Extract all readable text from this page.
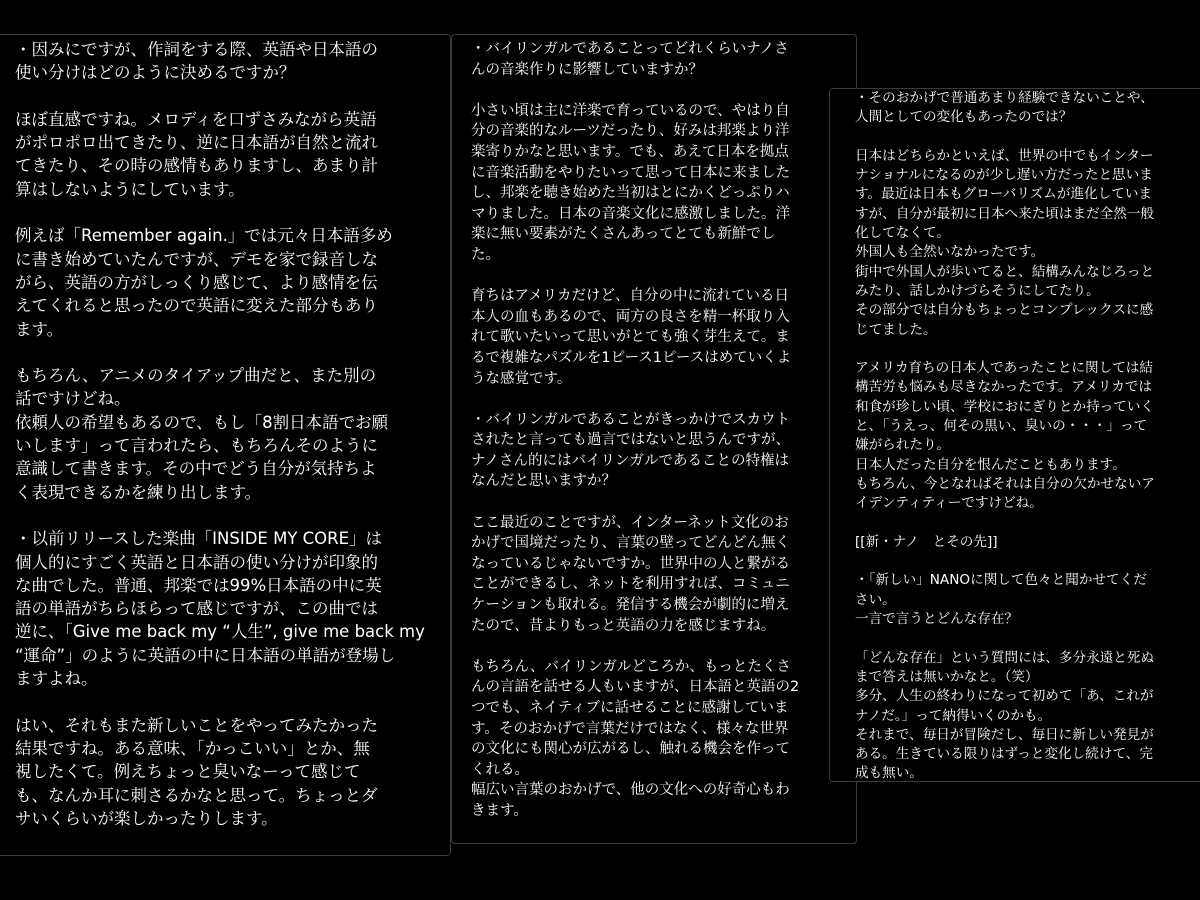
・因みにですが、作詞をする際、英語や日本語の
使い分けはどのように決めるですか？

ほぼ直感ですね。メロディを口ずさみながら英語
がポロポロ出てきたり、逆に日本語が自然と流れ
てきたり、その時の感情もありますし、あまり計
算はしないようにしています。

例えば「Remember again.」では元々日本語多め
に書き始めていたんですが、デモを家で録音しな
がら、英語の方がしっくり感じて、より感情を伝
えてくれると思ったので英語に変えた部分もあり
ます。

もちろん、アニメのタイアップ曲だと、また別の
話ですけどね。
依頼人の希望もあるので、もし「8割日本語でお願
いします」って言われたら、もちろんそのように
意識して書きます。その中でどう自分が気持ちよ
く表現できるかを練り出します。

・以前リリースした楽曲「INSIDE MY CORE」は
個人的にすごく英語と日本語の使い分けが印象的
な曲でした。普通、邦楽では99%日本語の中に英
語の単語がちらほらって感じですが、この曲では
逆に、「Give me back my “人生”, give me back my
“運命”」のように英語の中に日本語の単語が登場し
ますよね。

はい、それもまた新しいことをやってみたかった
結果ですね。ある意味、「かっこいい」とか、無
視したくて。例えちょっと臭いなーって感じて
も、なんか耳に刺さるかなと思って。ちょっとダ
サいくらいが楽しかったりします。

・バイリンガルであることってどれくらいナノさ
んの音楽作りに影響していますか？

小さい頃は主に洋楽で育っているので、やはり自
分の音楽的なルーツだったり、好みは邦楽より洋
楽寄りかなと思います。でも、あえて日本を拠点
に音楽活動をやりたいって思って日本に来ました
し、邦楽を聴き始めた当初はとにかくどっぷりハ
マりました。日本の音楽文化に感激しました。洋
楽に無い要素がたくさんあってとても新鮮でし
た。

育ちはアメリカだけど、自分の中に流れている日
本人の血もあるので、両方の良さを精一杯取り入
れて歌いたいって思いがとても強く芽生えて。ま
るで複雑なパズルを1ピース1ピースはめていくよ
うな感覚です。

・バイリンガルであることがきっかけでスカウト
されたと言っても過言ではないと思うんですが、
ナノさん的にはバイリンガルであることの特権は
なんだと思いますか？

ここ最近のことですが、インターネット文化のお
かげで国境だったり、言葉の壁ってどんどん無く
なっているじゃないですか。世界中の人と繋がる
ことができるし、ネットを利用すれば、コミュニ
ケーションも取れる。発信する機会が劇的に増え
たので、昔よりもっと英語の力を感じますね。

もちろん、バイリンガルどころか、もっとたくさ
んの言語を話せる人もいますが、日本語と英語の2
つでも、ネイティブに話せることに感謝していま
す。そのおかげで言葉だけではなく、様々な世界
の文化にも関心が広がるし、触れる機会を作って
くれる。
幅広い言葉のおかげで、他の文化への好奇心もわ
きます。

・そのおかげで普通あまり経験できないことや、
人間としての変化もあったのでは？

日本はどちらかといえば、世界の中でもインター
ナショナルになるのが少し遅い方だったと思いま
す。最近は日本もグローバリズムが進化していま
すが、自分が最初に日本へ来た頃はまだ全然一般
化してなくて。
外国人も全然いなかったです。
街中で外国人が歩いてると、結構みんなじろっと
みたり、話しかけづらそうにしてたり。
その部分では自分もちょっとコンプレックスに感
じてました。

アメリカ育ちの日本人であったことに関しては結
構苦労も悩みも尽きなかったです。アメリカでは
和食が珍しい頃、学校におにぎりとか持っていく
と、「うえっ、何その黒い、臭いの・・・」って
嫌がられたり。
日本人だった自分を恨んだこともあります。
もちろん、今となればそれは自分の欠かせないア
イデンティティーですけどね。

[[新・ナノ　とその先]]

・「新しい」NANOに関して色々と聞かせてくだ
さい。
一言で言うとどんな存在？

「どんな存在」という質問には、多分永遠と死ぬ
まで答えは無いかなと。（笑）
多分、人生の終わりになって初めて「あ、これが
ナノだ。」って納得いくのかも。
それまで、毎日が冒険だし、毎日に新しい発見が
ある。生きている限りはずっと変化し続けて、完
成も無い。
